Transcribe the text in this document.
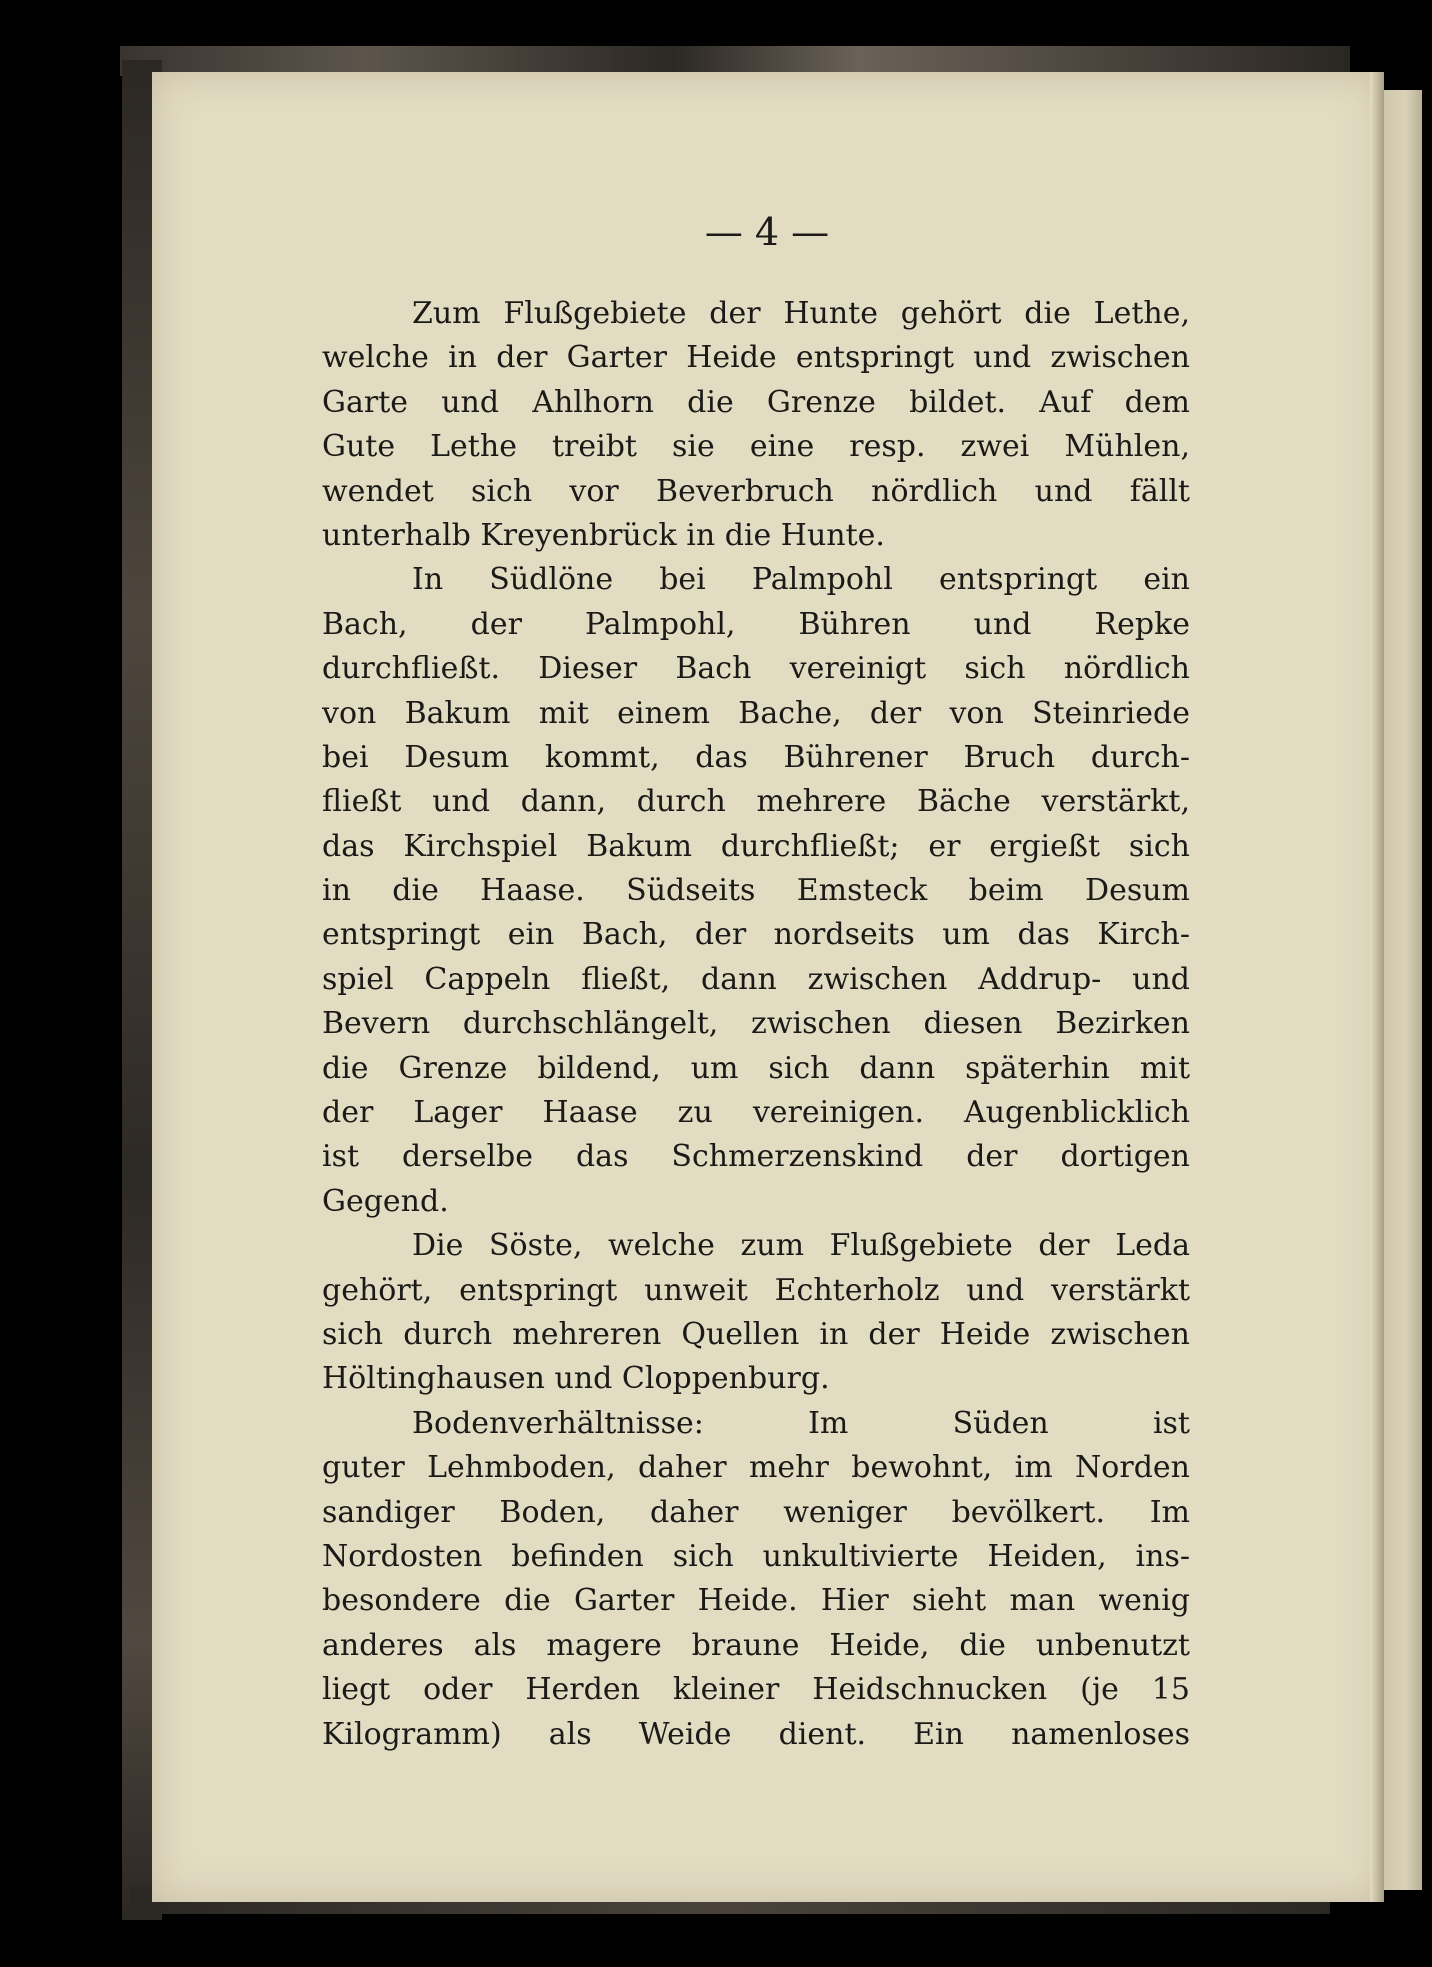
— 4 —
Zum Flußgebiete der Hunte gehört die Lethe,
welche in der Garter Heide entspringt und zwischen
Garte und Ahlhorn die Grenze bildet. Auf dem
Gute Lethe treibt sie eine resp. zwei Mühlen,
wendet sich vor Beverbruch nördlich und fällt
unterhalb Kreyenbrück in die Hunte.
In Südlöne bei Palmpohl entspringt ein
Bach, der Palmpohl, Bühren und Repke
durchfließt. Dieser Bach vereinigt sich nördlich
von Bakum mit einem Bache, der von Steinriede
bei Desum kommt, das Bührener Bruch durch-
fließt und dann, durch mehrere Bäche verstärkt,
das Kirchspiel Bakum durchfließt; er ergießt sich
in die Haase. Südseits Emsteck beim Desum
entspringt ein Bach, der nordseits um das Kirch-
spiel Cappeln fließt, dann zwischen Addrup- und
Bevern durchschlängelt, zwischen diesen Bezirken
die Grenze bildend, um sich dann späterhin mit
der Lager Haase zu vereinigen. Augenblicklich
ist derselbe das Schmerzenskind der dortigen
Gegend.
Die Söste, welche zum Flußgebiete der Leda
gehört, entspringt unweit Echterholz und verstärkt
sich durch mehreren Quellen in der Heide zwischen
Höltinghausen und Cloppenburg.
Bodenverhältnisse: Im Süden ist
guter Lehmboden, daher mehr bewohnt, im Norden
sandiger Boden, daher weniger bevölkert. Im
Nordosten befinden sich unkultivierte Heiden, ins-
besondere die Garter Heide. Hier sieht man wenig
anderes als magere braune Heide, die unbenutzt
liegt oder Herden kleiner Heidschnucken (je 15
Kilogramm) als Weide dient. Ein namenloses
